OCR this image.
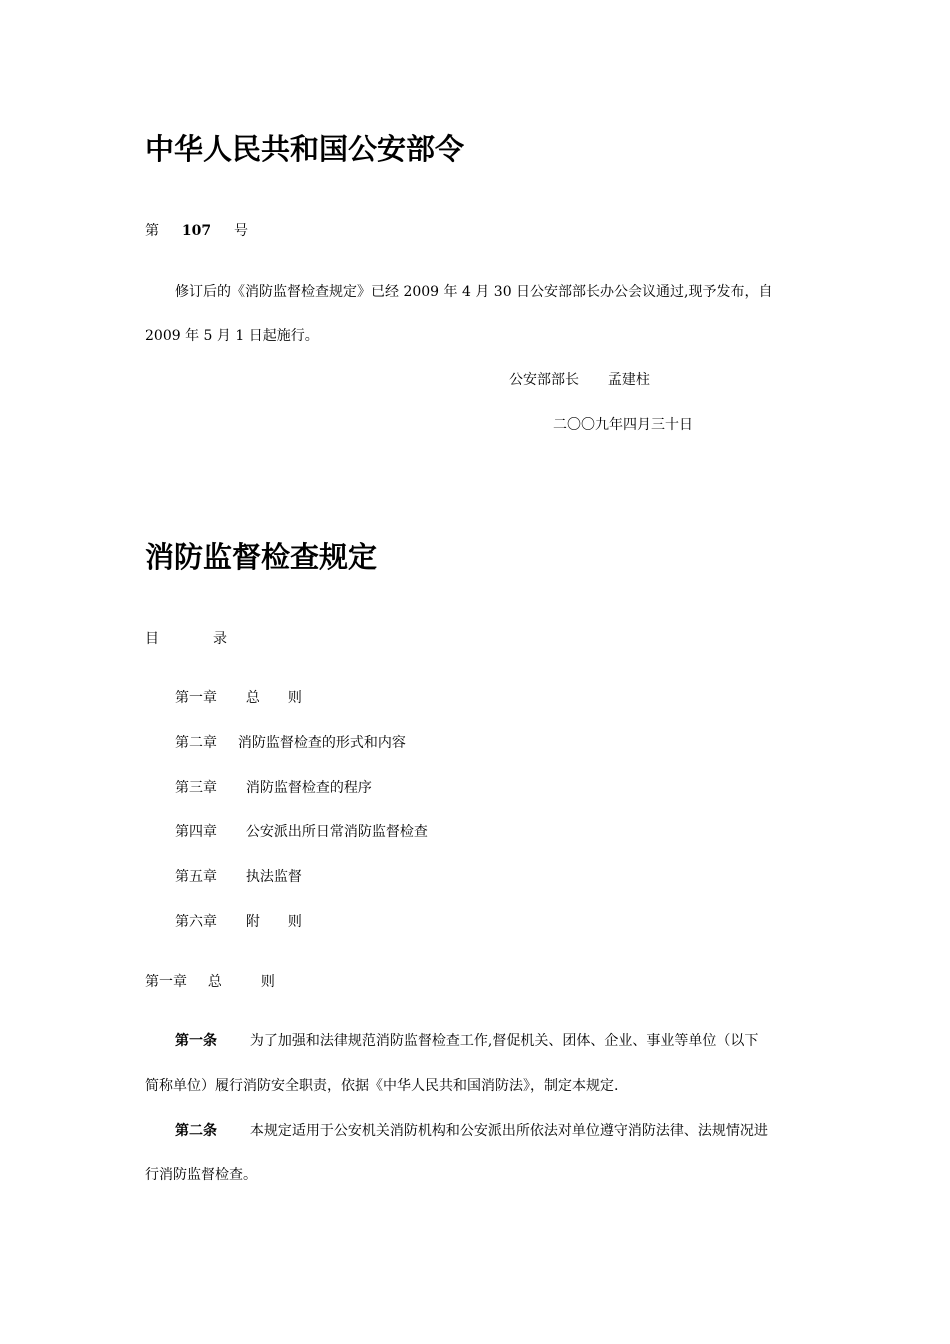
中华人民共和国公安部令
第 107 号
修订后的《消防监督检查规定》已经 2009 年 4 月 30 日公安部部长办公会议通过,现予发布，自
2009 年 5 月 1 日起施行。
公安部部长 孟建柱
二〇〇九年四月三十日
消防监督检查规定
目	录
第一章 总　　则
第二章 消防监督检查的形式和内容
第三章 消防监督检查的程序
第四章 公安派出所日常消防监督检查
第五章 执法监督
第六章 附　　则
第一章 总	则
第一条 为了加强和法律规范消防监督检查工作,督促机关、团体、企业、事业等单位（以下
简称单位）履行消防安全职责，依据《中华人民共和国消防法》，制定本规定.
第二条 本规定适用于公安机关消防机构和公安派出所依法对单位遵守消防法律、法规情况进
行消防监督检查。
